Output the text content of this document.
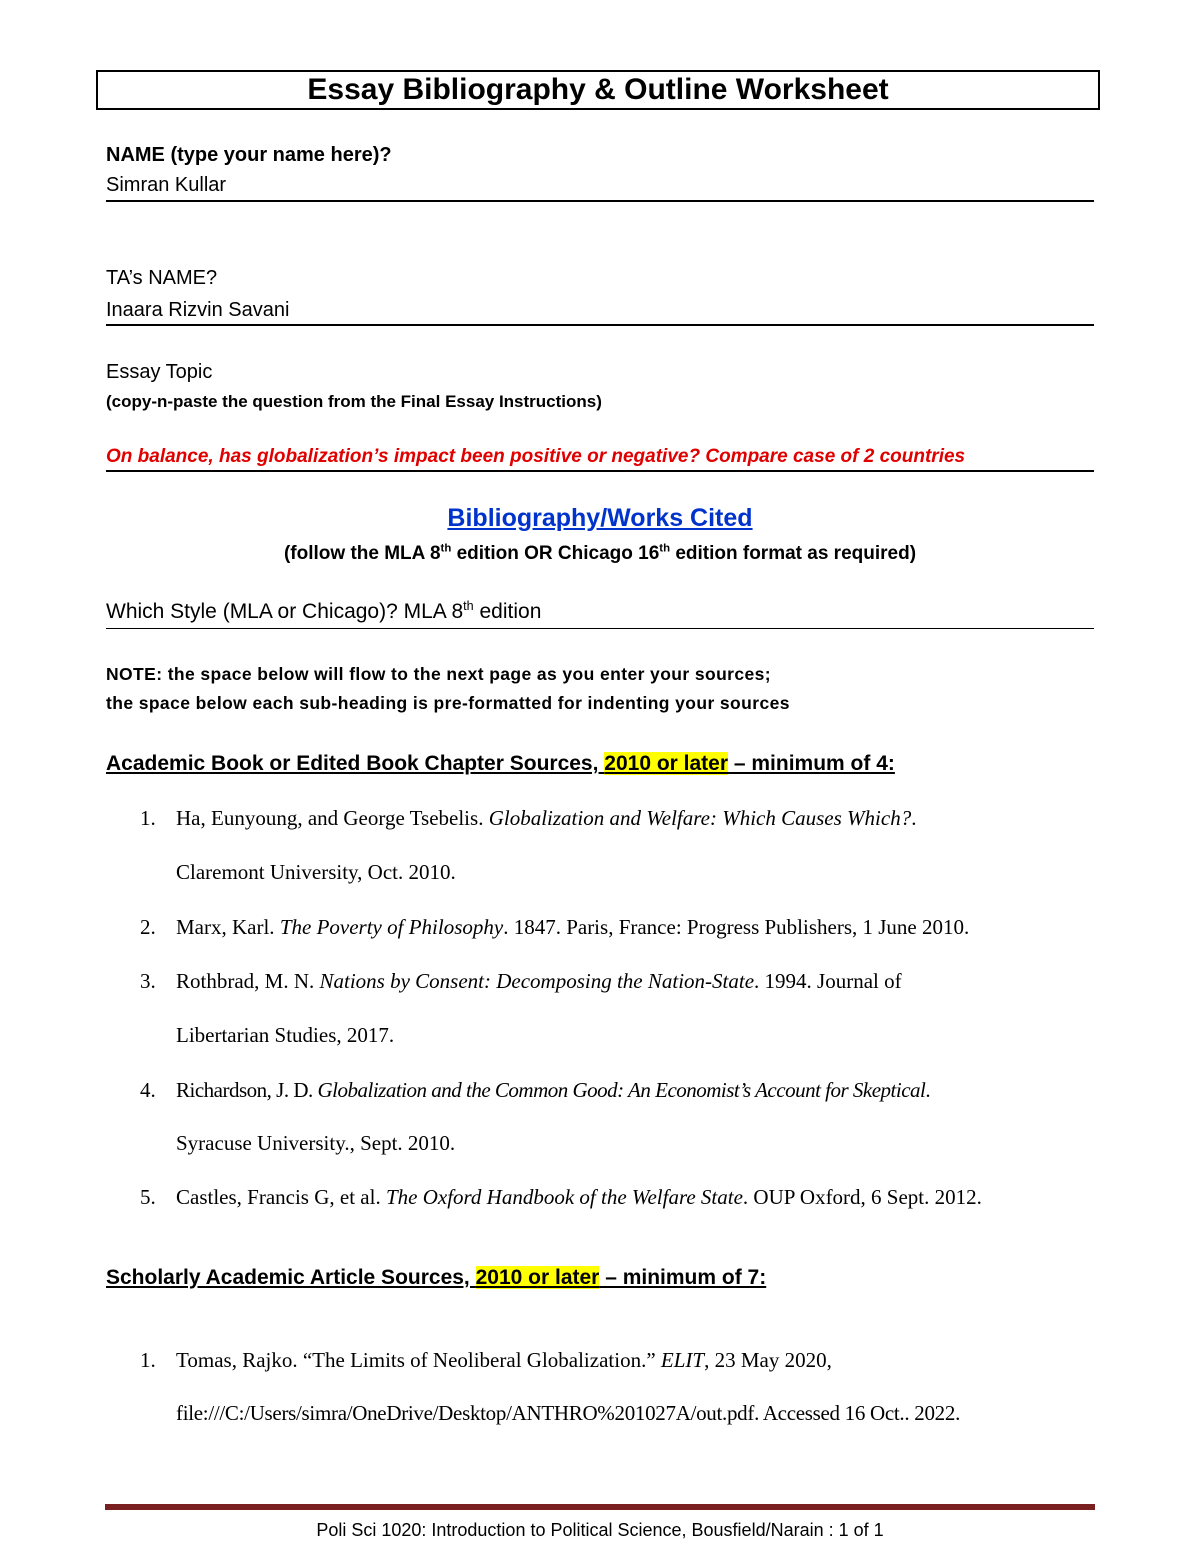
Essay Bibliography & Outline Worksheet
NAME (type your name here)?
Simran Kullar
TA’s NAME?
Inaara Rizvin Savani
Essay Topic
(copy-n-paste the question from the Final Essay Instructions)
On balance, has globalization’s impact been positive or negative? Compare case of 2 countries
Bibliography/Works Cited
(follow the MLA 8th edition OR Chicago 16th edition format as required)
Which Style (MLA or Chicago)? MLA 8th edition
NOTE: the space below will flow to the next page as you enter your sources;
the space below each sub-heading is pre-formatted for indenting your sources
Academic Book or Edited Book Chapter Sources, 2010 or later – minimum of 4:
1. Ha, Eunyoung, and George Tsebelis. Globalization and Welfare: Which Causes Which?.
Claremont University, Oct. 2010.
2. Marx, Karl. The Poverty of Philosophy. 1847. Paris, France: Progress Publishers, 1 June 2010.
3. Rothbrad, M. N. Nations by Consent: Decomposing the Nation-State. 1994. Journal of
Libertarian Studies, 2017.
4. Richardson, J. D. Globalization and the Common Good: An Economist’s Account for Skeptical.
Syracuse University., Sept. 2010.
5. Castles, Francis G, et al. The Oxford Handbook of the Welfare State. OUP Oxford, 6 Sept. 2012.
Scholarly Academic Article Sources, 2010 or later – minimum of 7:
1. Tomas, Rajko. “The Limits of Neoliberal Globalization.” ELIT, 23 May 2020,
file:///C:/Users/simra/OneDrive/Desktop/ANTHRO%201027A/out.pdf. Accessed 16 Oct.. 2022.
Poli Sci 1020: Introduction to Political Science, Bousfield/Narain : 1 of 1
